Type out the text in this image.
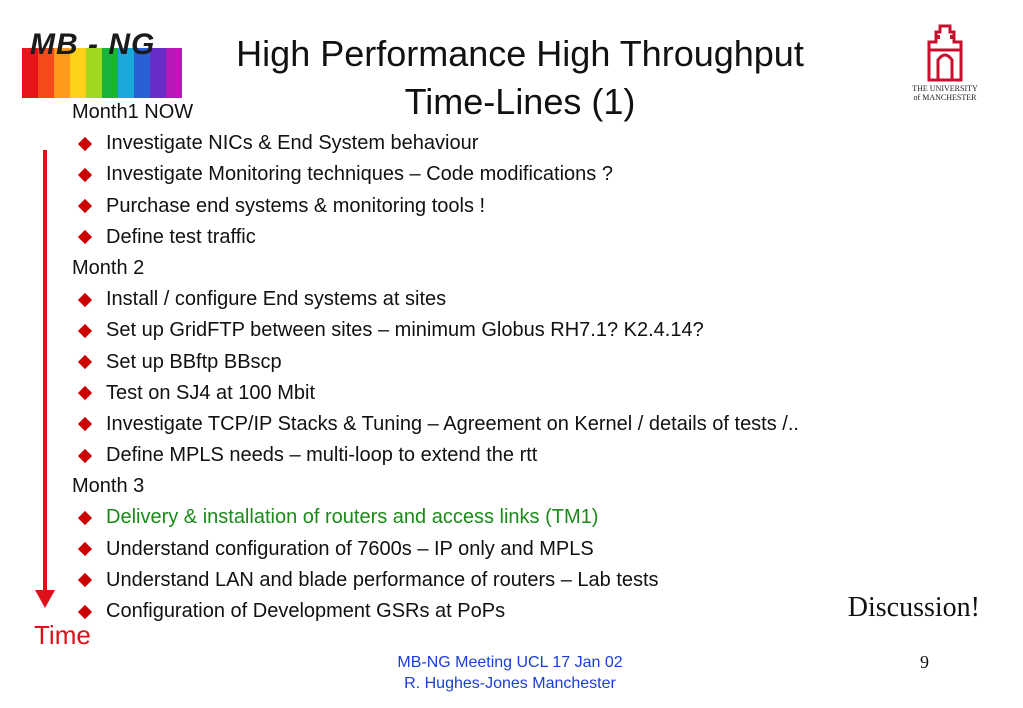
MB - NG	High Performance High Throughput
Time-Lines (1)	THE UNIVERSITY
of MANCHESTER
Time
Month1 NOW
Investigate NICs & End System behaviour
Investigate Monitoring techniques – Code modifications ?
Purchase end systems & monitoring tools !
Define test traffic
Month 2
Install / configure End systems at sites
Set up GridFTP between sites – minimum Globus RH7.1? K2.4.14?
Set up BBftp BBscp
Test on SJ4 at 100 Mbit
Investigate TCP/IP Stacks & Tuning – Agreement on Kernel / details of tests /..
Define MPLS needs – multi-loop to extend the rtt
Month 3
Delivery & installation of routers and access links (TM1)
Understand configuration of 7600s – IP only and MPLS
Understand LAN and blade performance of routers – Lab tests
Configuration of Development GSRs at PoPs	Discussion!
MB-NG Meeting UCL 17 Jan 02
R. Hughes-Jones Manchester
9
